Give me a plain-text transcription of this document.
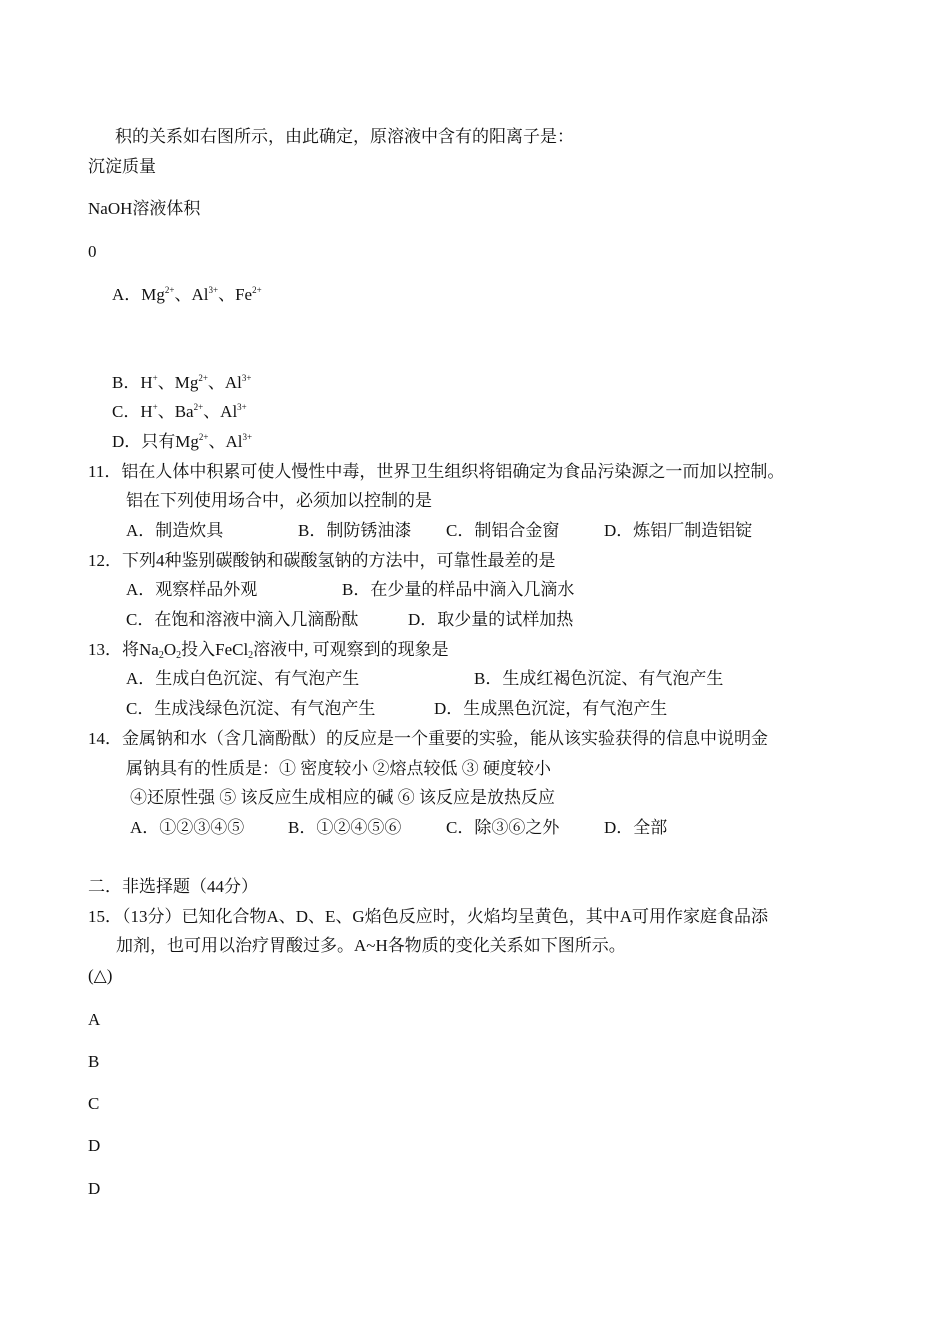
积的关系如右图所示，由此确定，原溶液中含有的阳离子是：
沉淀质量
NaOH溶液体积
0
A．$Mg^{2+}$、$Al^{3+}$、$Fe^{2+}$
B．H+、$Mg^{2+}$、$Al^{3+}$
C．H+、$Ba^{2+}$、$Al^{3+}$
D．只有$Mg^{2+}$、$Al^{3+}$
11．铝在人体中积累可使人慢性中毒，世界卫生组织将铝确定为食品污染源之一而加以控制。
铝在下列使用场合中，必须加以控制的是
A．制造炊具	B．制防锈油漆 C．制铝合金窗	D．炼铝厂制造铝锭
12．下列4种鉴别碳酸钠和碳酸氢钠的方法中，可靠性最差的是
A．观察样品外观	B．在少量的样品中滴入几滴水
C．在饱和溶液中滴入几滴酚酞	D．取少量的试样加热
13．将$Na_2O_2$投入FeCl$_2$溶液中, 可观察到的现象是
A．生成白色沉淀、有气泡产生	B．生成红褐色沉淀、有气泡产生
C．生成浅绿色沉淀、有气泡产生	D．生成黑色沉淀，有气泡产生
14．金属钠和水（含几滴酚酞）的反应是一个重要的实验，能从该实验获得的信息中说明金
属钠具有的性质是：① 密度较小 ②熔点较低 ③ 硬度较小
④还原性强 ⑤ 该反应生成相应的碱 ⑥ 该反应是放热反应
A．①②③④⑤	B．①②④⑤⑥	C．除③⑥之外	D．全部
二．非选择题（44分）
15．（13分）已知化合物A、D、E、G焰色反应时，火焰均呈黄色，其中A可用作家庭食品添
加剂，也可用以治疗胃酸过多。A~H各物质的变化关系如下图所示。
(△)
A
B
C
D
D
